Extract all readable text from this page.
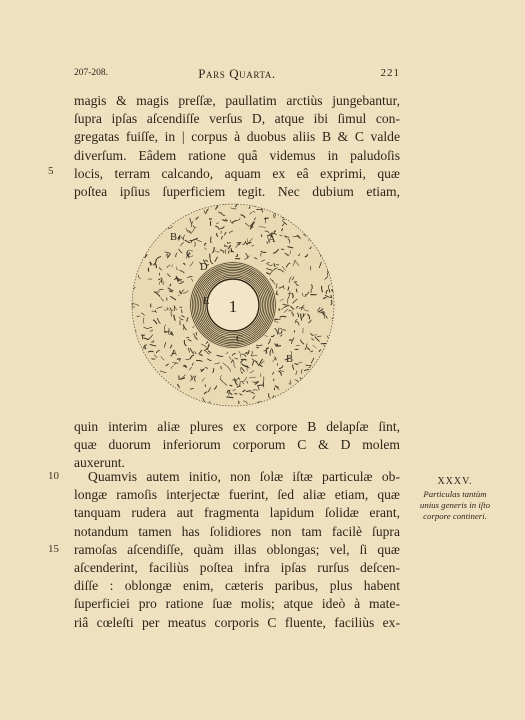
207-208.	Pars Quarta.	221
magis & magis preſſæ, paullatim arctiùs jungebantur,
ſupra ipſas aſcendiſſe verſus D, atque ibi ſimul con-
gregatas fuiſſe, in | corpus à duobus aliis B & C valde
diverſum. Eâdem ratione quâ videmus in paludoſis
locis, terram calcando, aquam ex eâ exprimi, quæ
poſtea ipſius ſuperficiem tegit. Nec dubium etiam,
5
1
B	A
C
D
E
C
B
quin interim aliæ plures ex corpore B delapſæ ſint,
quæ duorum inferiorum corporum C & D molem
auxerunt.
Quamvis autem initio, non ſolæ iſtæ particulæ ob-
longæ ramoſis interjectæ fuerint, ſed aliæ etiam, quæ
tanquam rudera aut fragmenta lapidum ſolidæ erant,
notandum tamen has ſolidiores non tam facilè ſupra
ramoſas aſcendiſſe, quàm illas oblongas; vel, ſi quæ
aſcenderint, faciliùs poſtea infra ipſas rurſus deſcen-
diſſe : oblongæ enim, cæteris paribus, plus habent
ſuperficiei pro ratione ſuæ molis; atque ideò à mate-
riâ cœleſti per meatus corporis C fluente, faciliùs ex-
10
15
XXXV.
Particulas tantùm
unius generis in iſto
corpore contineri.
